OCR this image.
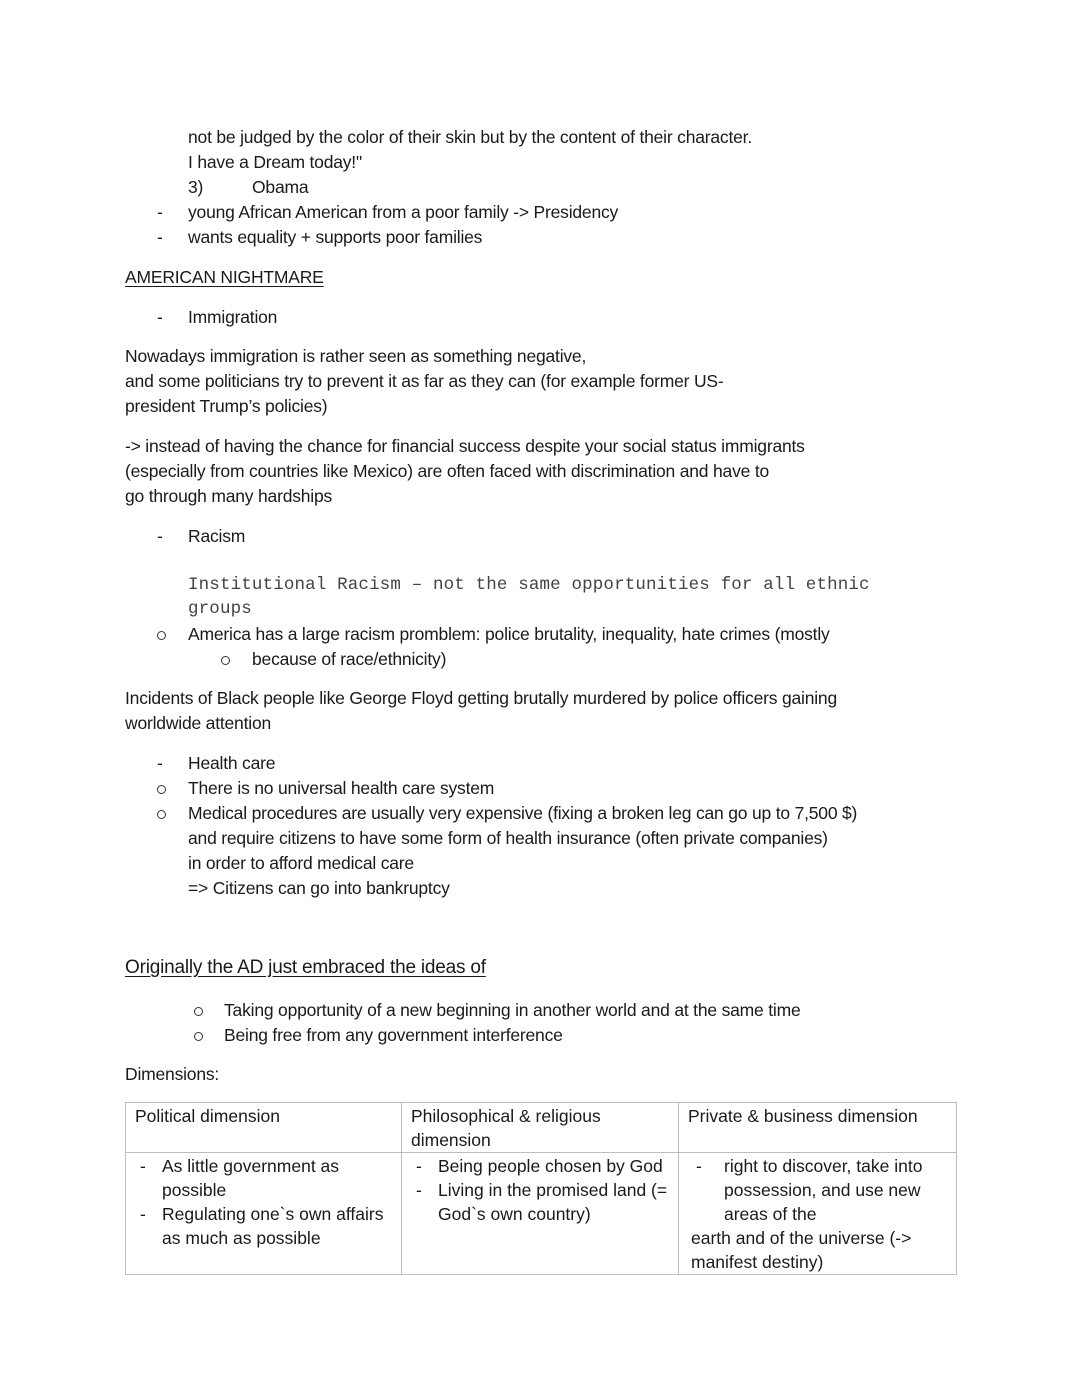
not be judged by the color of their skin but by the content of their character.
I have a Dream today!"
3)	Obama
- young African American from a poor family -> Presidency
- wants equality + supports poor families
AMERICAN NIGHTMARE
- Immigration
Nowadays immigration is rather seen as something negative,
and some politicians try to prevent it as far as they can (for example former US-
president Trump’s policies)
-> instead of having the chance for financial success despite your social status immigrants
(especially from countries like Mexico) are often faced with discrimination and have to
go through many hardships
- Racism
Institutional Racism – not the same opportunities for all ethnic
groups
America has a large racism promblem: police brutality, inequality, hate crimes (mostly
because of race/ethnicity)
Incidents of Black people like George Floyd getting brutally murdered by police officers gaining
worldwide attention
- Health care
There is no universal health care system
Medical procedures are usually very expensive (fixing a broken leg can go up to 7,500 $)
and require citizens to have some form of health insurance (often private companies)
in order to afford medical care
=> Citizens can go into bankruptcy
Originally the AD just embraced the ideas of
Taking opportunity of a new beginning in another world and at the same time
Being free from any government interference
Dimensions:
Political dimension	Philosophical & religious dimension	Private & business dimension

- As little government as possible
- Regulating one`s own affairs as much as possible

- Being people chosen by God
- Living in the promised land (= God`s own country)

- right to discover, take into possession, and use new areas of the
earth and of the universe (-> manifest destiny)
